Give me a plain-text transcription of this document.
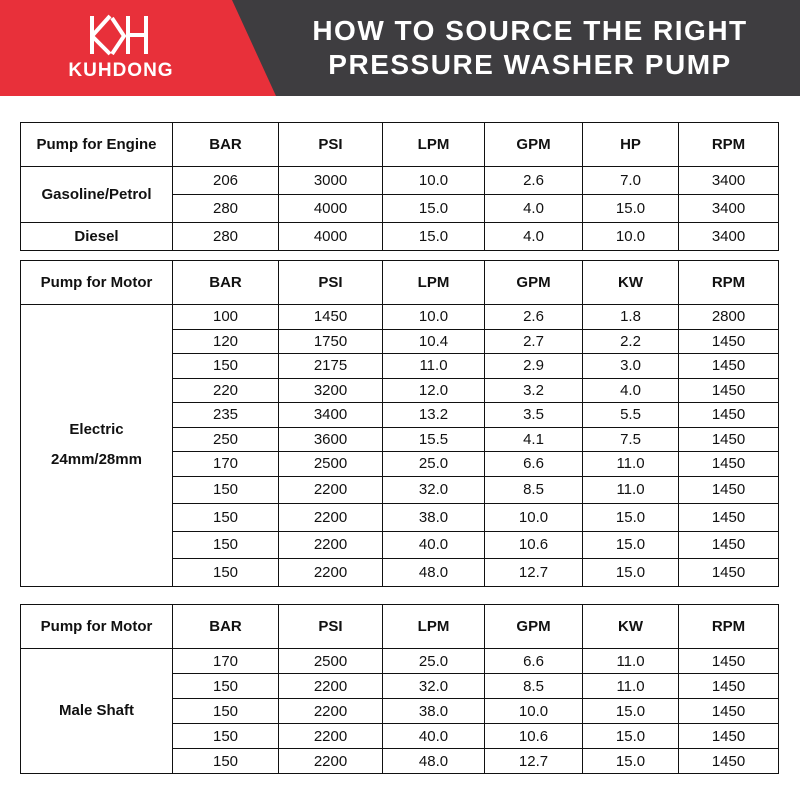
KUHDONG
HOW TO SOURCE THE RIGHT
PRESSURE WASHER PUMP
Pump for Engine	BAR	PSI	LPM	GPM	HP	RPM
Gasoline/Petrol	206	3000	10.0	2.6	7.0	3400
	280	4000	15.0	4.0	15.0	3400
Diesel	280	4000	15.0	4.0	10.0	3400
Pump for Motor	BAR	PSI	LPM	GPM	KW	RPM

Electric
24mm/28mm	100	1450	10.0	2.6	1.8	2800
	120	1750	10.4	2.7	2.2	1450
	150	2175	11.0	2.9	3.0	1450
	220	3200	12.0	3.2	4.0	1450
	235	3400	13.2	3.5	5.5	1450
	250	3600	15.5	4.1	7.5	1450
	170	2500	25.0	6.6	11.0	1450
	150	2200	32.0	8.5	11.0	1450
	150	2200	38.0	10.0	15.0	1450
	150	2200	40.0	10.6	15.0	1450
	150	2200	48.0	12.7	15.0	1450
Pump for Motor	BAR	PSI	LPM	GPM	KW	RPM

Male Shaft	170	2500	25.0	6.6	11.0	1450
	150	2200	32.0	8.5	11.0	1450
	150	2200	38.0	10.0	15.0	1450
	150	2200	40.0	10.6	15.0	1450
	150	2200	48.0	12.7	15.0	1450
